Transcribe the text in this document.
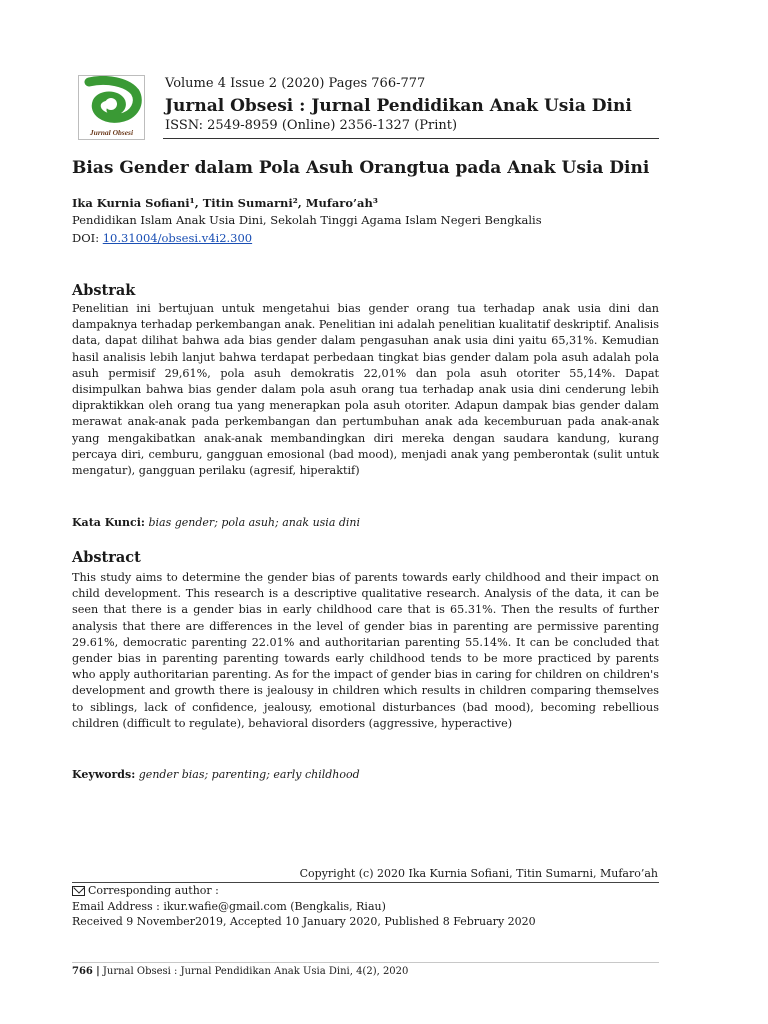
Jurnal Obsesi
Volume 4 Issue 2 (2020) Pages 766-777
Jurnal Obsesi : Jurnal Pendidikan Anak Usia Dini
ISSN: 2549-8959 (Online) 2356-1327 (Print)
Bias Gender dalam Pola Asuh Orangtua pada Anak Usia Dini
Ika Kurnia Sofiani¹, Titin Sumarni², Mufaro’ah³
Pendidikan Islam Anak Usia Dini, Sekolah Tinggi Agama Islam Negeri Bengkalis
DOI: 10.31004/obsesi.v4i2.300
Abstrak

Penelitian ini bertujuan untuk mengetahui bias gender orang tua terhadap anak usia dini dan dampaknya terhadap perkembangan anak. Penelitian ini adalah penelitian kualitatif deskriptif. Analisis data, dapat dilihat bahwa ada bias gender dalam pengasuhan anak usia dini yaitu 65,31%. Kemudian hasil analisis lebih lanjut bahwa terdapat perbedaan tingkat bias gender dalam pola asuh adalah pola asuh permisif 29,61%, pola asuh demokratis 22,01% dan pola asuh otoriter 55,14%. Dapat disimpulkan bahwa bias gender dalam pola asuh orang tua terhadap anak usia dini cenderung lebih dipraktikkan oleh orang tua yang menerapkan pola asuh otoriter. Adapun dampak bias gender dalam merawat anak-anak pada perkembangan dan pertumbuhan anak ada kecemburuan pada anak-anak yang mengakibatkan anak-anak membandingkan diri mereka dengan saudara kandung, kurang percaya diri, cemburu, gangguan emosional (bad mood), menjadi anak yang pemberontak (sulit untuk mengatur), gangguan perilaku (agresif, hiperaktif)

Kata Kunci: bias gender; pola asuh; anak usia dini
Abstract

This study aims to determine the gender bias of parents towards early childhood and their impact on child development. This research is a descriptive qualitative research. Analysis of the data, it can be seen that there is a gender bias in early childhood care that is 65.31%. Then the results of further analysis that there are differences in the level of gender bias in parenting are permissive parenting 29.61%, democratic parenting 22.01% and authoritarian parenting 55.14%. It can be concluded that gender bias in parenting parenting towards early childhood tends to be more practiced by parents who apply authoritarian parenting. As for the impact of gender bias in caring for children on children's development and growth there is jealousy in children which results in children comparing themselves to siblings, lack of confidence, jealousy, emotional disturbances (bad mood), becoming rebellious children (difficult to regulate), behavioral disorders (aggressive, hyperactive)

Keywords: gender bias; parenting; early childhood
Copyright (c) 2020 Ika Kurnia Sofiani, Titin Sumarni, Mufaro’ah
Corresponding author :
Email Address : ikur.wafie@gmail.com (Bengkalis, Riau)
Received 9 November2019, Accepted 10 January 2020, Published 8 February 2020
766 | Jurnal Obsesi : Jurnal Pendidikan Anak Usia Dini, 4(2), 2020
